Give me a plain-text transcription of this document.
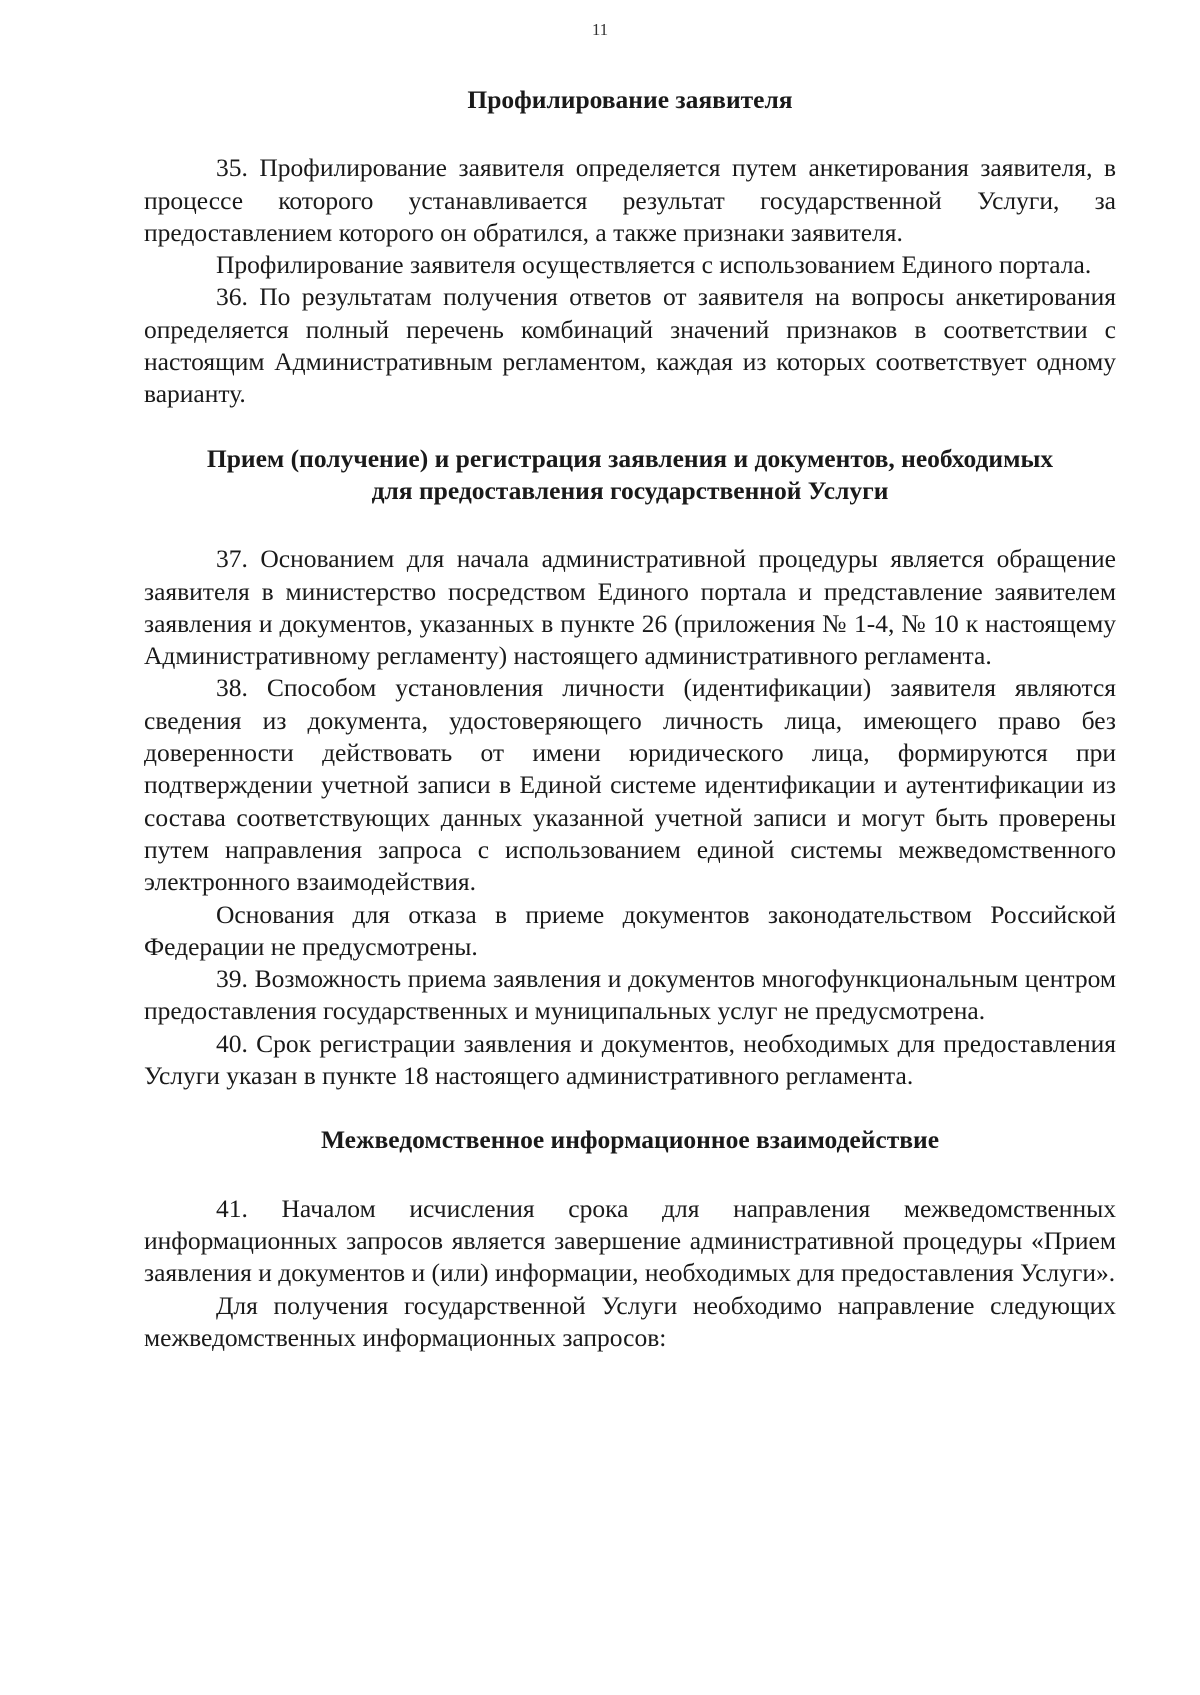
11
Профилирование заявителя

35. Профилирование заявителя определяется путем анкетирования заявителя, в процессе которого устанавливается результат государственной Услуги, за предоставлением которого он обратился, а также признаки заявителя.

Профилирование заявителя осуществляется с использованием Единого портала.

36. По результатам получения ответов от заявителя на вопросы анкетирования определяется полный перечень комбинаций значений признаков в соответствии с настоящим Административным регламентом, каждая из которых соответствует одному варианту.

Прием (получение) и регистрация заявления и документов, необходимых
для предоставления государственной Услуги

37. Основанием для начала административной процедуры является обращение заявителя в министерство посредством Единого портала и представление заявителем заявления и документов, указанных в пункте 26 (приложения № 1-4, № 10 к настоящему Административному регламенту) настоящего административного регламента.

38. Способом установления личности (идентификации) заявителя являются сведения из документа, удостоверяющего личность лица, имеющего право без доверенности действовать от имени юридического лица, формируются при подтверждении учетной записи в Единой системе идентификации и аутентификации из состава соответствующих данных указанной учетной записи и могут быть проверены путем направления запроса с использованием единой системы межведомственного электронного взаимодействия.

Основания для отказа в приеме документов законодательством Российской Федерации не предусмотрены.

39. Возможность приема заявления и документов многофункциональным центром предоставления государственных и муниципальных услуг не предусмотрена.

40. Срок регистрации заявления и документов, необходимых для предоставления Услуги указан в пункте 18 настоящего административного регламента.

Межведомственное информационное взаимодействие

41. Началом исчисления срока для направления межведомственных информационных запросов является завершение административной процедуры «Прием заявления и документов и (или) информации, необходимых для предоставления Услуги».

Для получения государственной Услуги необходимо направление следующих межведомственных информационных запросов:
